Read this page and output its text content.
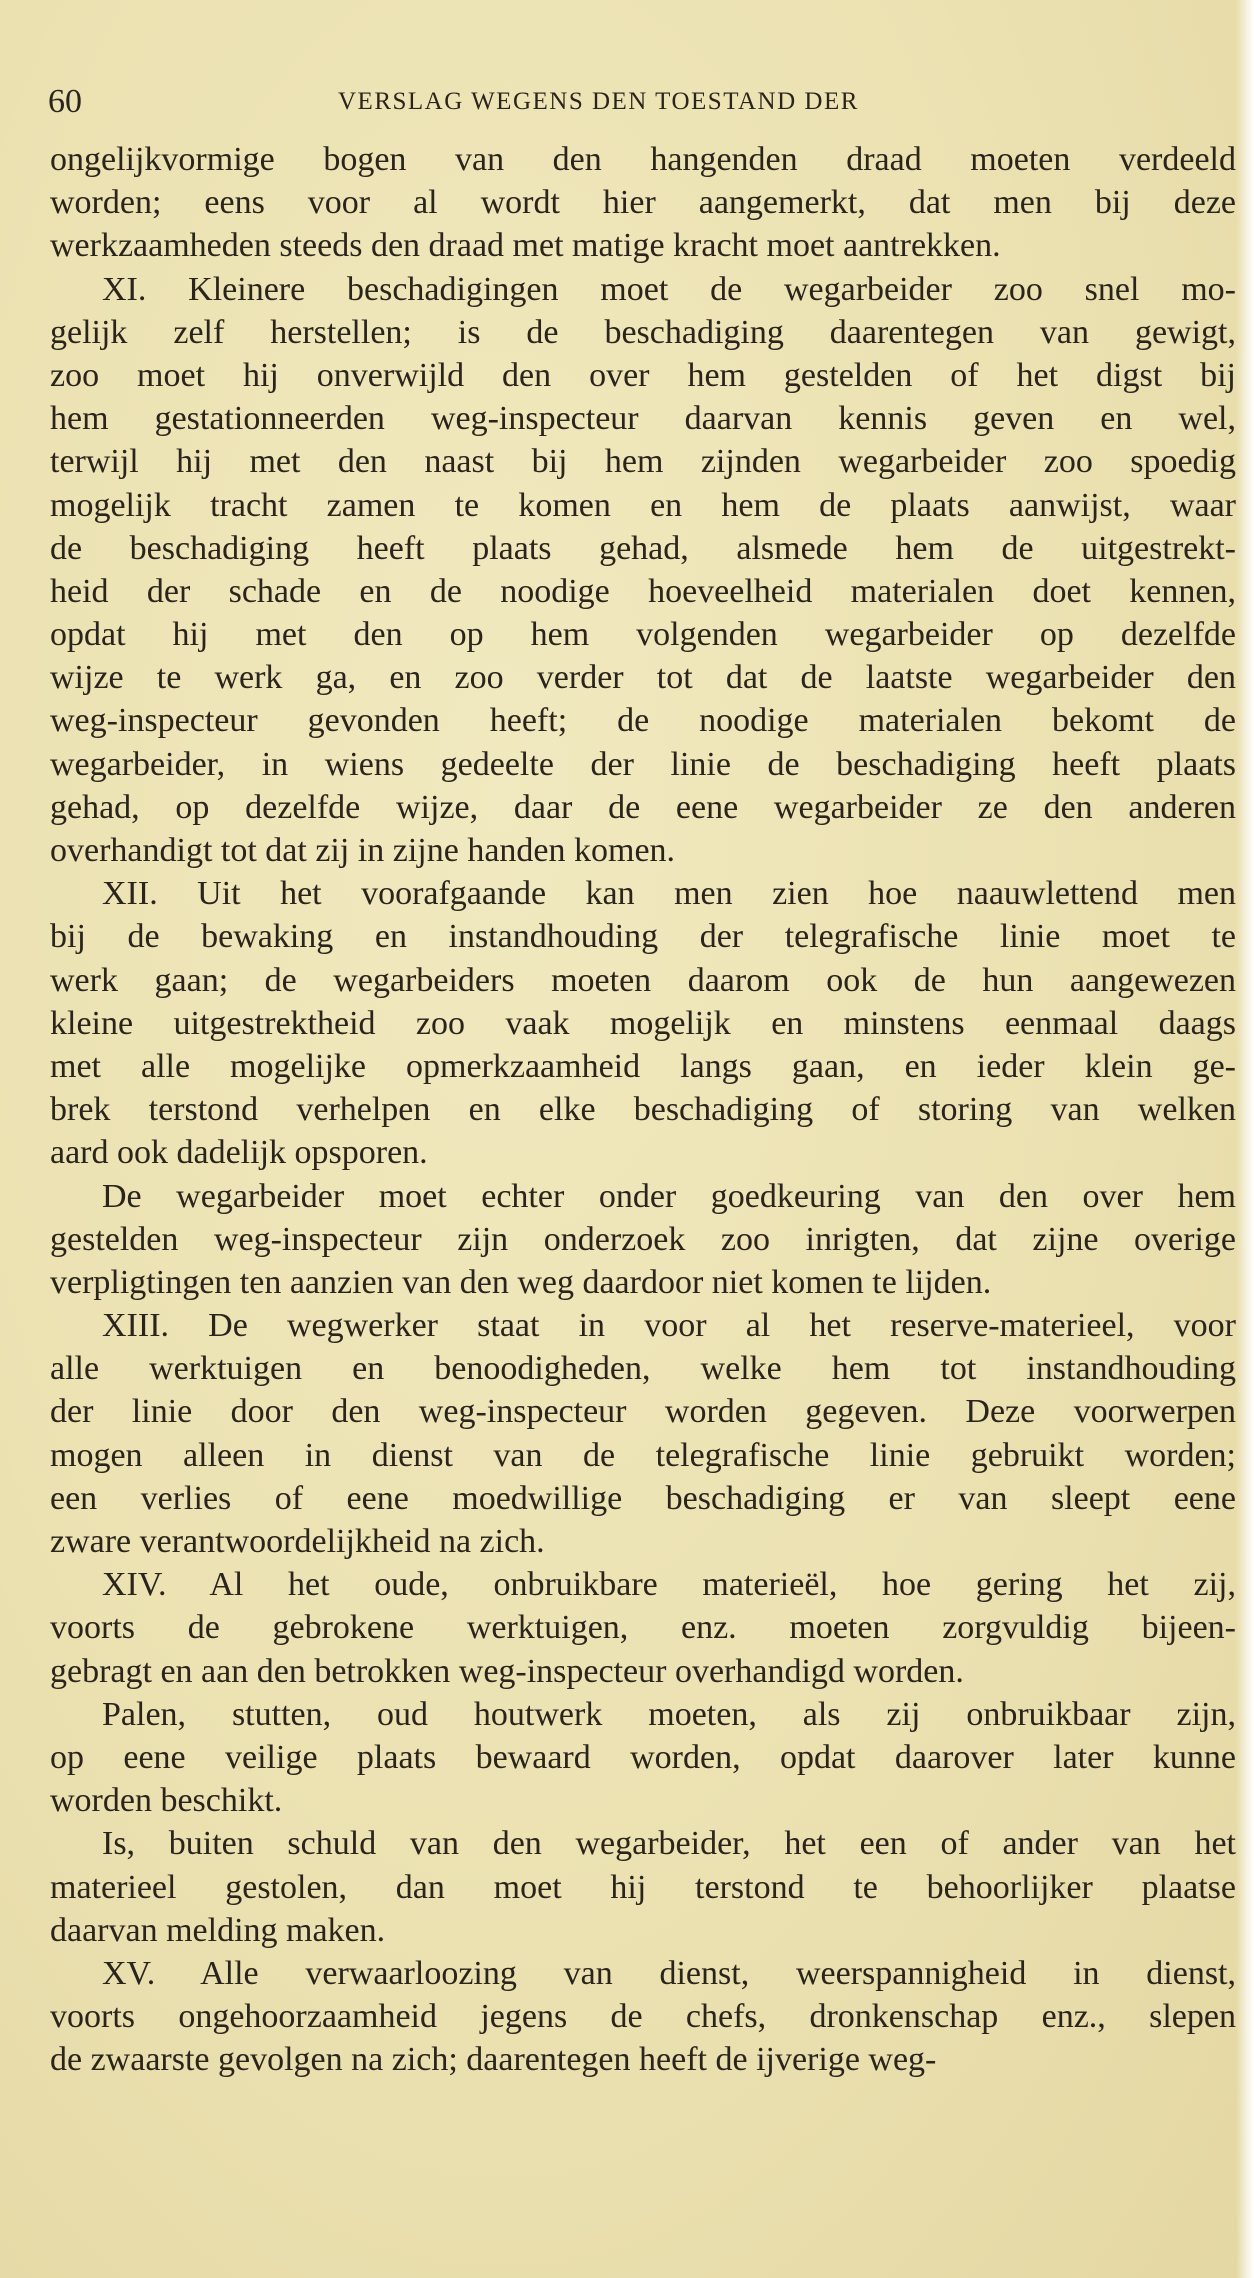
60	VERSLAG WEGENS DEN TOESTAND DER
ongelijkvormige bogen van den hangenden draad moeten verdeeld
worden; eens voor al wordt hier aangemerkt, dat men bij deze
werkzaamheden steeds den draad met matige kracht moet aantrekken.
XI. Kleinere beschadigingen moet de wegarbeider zoo snel mo-
gelijk zelf herstellen; is de beschadiging daarentegen van gewigt,
zoo moet hij onverwijld den over hem gestelden of het digst bij
hem gestationneerden weg-inspecteur daarvan kennis geven en wel,
terwijl hij met den naast bij hem zijnden wegarbeider zoo spoedig
mogelijk tracht zamen te komen en hem de plaats aanwijst, waar
de beschadiging heeft plaats gehad, alsmede hem de uitgestrekt-
heid der schade en de noodige hoeveelheid materialen doet kennen,
opdat hij met den op hem volgenden wegarbeider op dezelfde
wijze te werk ga, en zoo verder tot dat de laatste wegarbeider den
weg-inspecteur gevonden heeft; de noodige materialen bekomt de
wegarbeider, in wiens gedeelte der linie de beschadiging heeft plaats
gehad, op dezelfde wijze, daar de eene wegarbeider ze den anderen
overhandigt tot dat zij in zijne handen komen.
XII. Uit het voorafgaande kan men zien hoe naauwlettend men
bij de bewaking en instandhouding der telegrafische linie moet te
werk gaan; de wegarbeiders moeten daarom ook de hun aangewezen
kleine uitgestrektheid zoo vaak mogelijk en minstens eenmaal daags
met alle mogelijke opmerkzaamheid langs gaan, en ieder klein ge-
brek terstond verhelpen en elke beschadiging of storing van welken
aard ook dadelijk opsporen.
De wegarbeider moet echter onder goedkeuring van den over hem
gestelden weg-inspecteur zijn onderzoek zoo inrigten, dat zijne overige
verpligtingen ten aanzien van den weg daardoor niet komen te lijden.
XIII. De wegwerker staat in voor al het reserve-materieel, voor
alle werktuigen en benoodigheden, welke hem tot instandhouding
der linie door den weg-inspecteur worden gegeven. Deze voorwerpen
mogen alleen in dienst van de telegrafische linie gebruikt worden;
een verlies of eene moedwillige beschadiging er van sleept eene
zware verantwoordelijkheid na zich.
XIV. Al het oude, onbruikbare materieël, hoe gering het zij,
voorts de gebrokene werktuigen, enz. moeten zorgvuldig bijeen-
gebragt en aan den betrokken weg-inspecteur overhandigd worden.
Palen, stutten, oud houtwerk moeten, als zij onbruikbaar zijn,
op eene veilige plaats bewaard worden, opdat daarover later kunne
worden beschikt.
Is, buiten schuld van den wegarbeider, het een of ander van het
materieel gestolen, dan moet hij terstond te behoorlijker plaatse
daarvan melding maken.
XV. Alle verwaarloozing van dienst, weerspannigheid in dienst,
voorts ongehoorzaamheid jegens de chefs, dronkenschap enz., slepen
de zwaarste gevolgen na zich; daarentegen heeft de ijverige weg-
